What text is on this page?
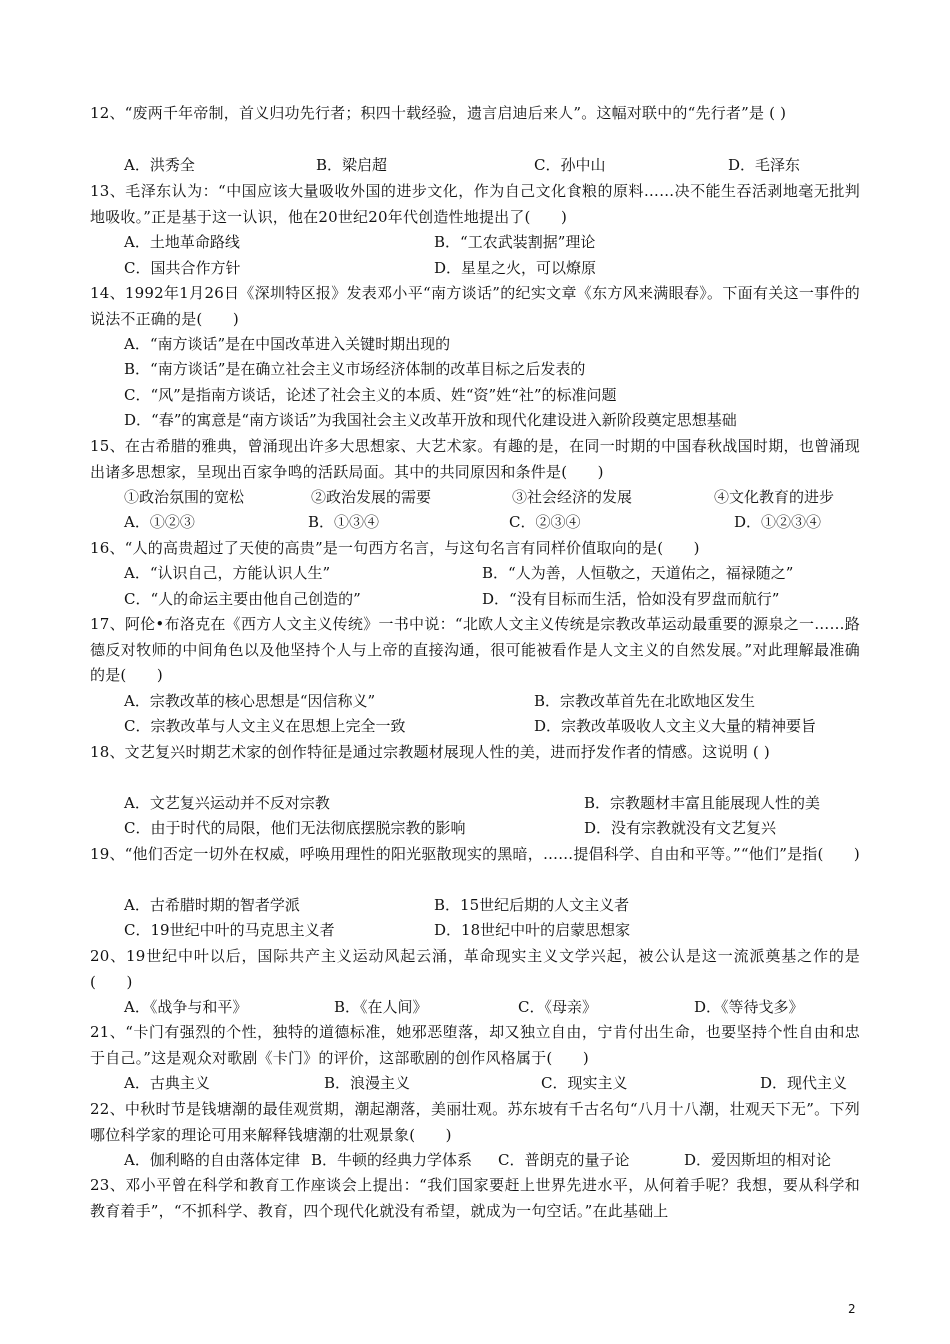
12、“废两千年帝制，首义归功先行者；积四十载经验，遗言启迪后来人”。这幅对联中的“先行者”是 ( )
A．洪秀全	B．梁启超	C．孙中山	D．毛泽东
13、毛泽东认为：“中国应该大量吸收外国的进步文化，作为自己文化食粮的原料……决不能生吞活剥地毫无批判地吸收。”正是基于这一认识，他在20世纪20年代创造性地提出了(　　)
A．土地革命路线	B．“工农武装割据”理论
C．国共合作方针	D．星星之火，可以燎原
14、1992年1月26日《深圳特区报》发表邓小平“南方谈话”的纪实文章《东方风来满眼春》。下面有关这一事件的说法不正确的是(　　)
A．“南方谈话”是在中国改革进入关键时期出现的
B．“南方谈话”是在确立社会主义市场经济体制的改革目标之后发表的
C．“风”是指南方谈话，论述了社会主义的本质、姓“资”姓“社”的标准问题
D．“春”的寓意是“南方谈话”为我国社会主义改革开放和现代化建设进入新阶段奠定思想基础
15、在古希腊的雅典，曾涌现出许多大思想家、大艺术家。有趣的是，在同一时期的中国春秋战国时期，也曾涌现出诸多思想家，呈现出百家争鸣的活跃局面。其中的共同原因和条件是(　　)
①政治氛围的宽松	②政治发展的需要	③社会经济的发展	④文化教育的进步
A．①②③	B．①③④	C．②③④	D．①②③④
16、“人的高贵超过了天使的高贵”是一句西方名言，与这句名言有同样价值取向的是(　　)
A．“认识自己，方能认识人生”	B．“人为善，人恒敬之，天道佑之，福禄随之”
C．“人的命运主要由他自己创造的”	D．“没有目标而生活，恰如没有罗盘而航行”
17、阿伦•布洛克在《西方人文主义传统》一书中说：“北欧人文主义传统是宗教改革运动最重要的源泉之一……路德反对牧师的中间角色以及他坚持个人与上帝的直接沟通，很可能被看作是人文主义的自然发展。”对此理解最准确的是(　　)
A．宗教改革的核心思想是“因信称义”	B．宗教改革首先在北欧地区发生
C．宗教改革与人文主义在思想上完全一致	D．宗教改革吸收人文主义大量的精神要旨
18、文艺复兴时期艺术家的创作特征是通过宗教题材展现人性的美，进而抒发作者的情感。这说明 ( )
A．文艺复兴运动并不反对宗教	B．宗教题材丰富且能展现人性的美
C．由于时代的局限，他们无法彻底摆脱宗教的影响	D．没有宗教就没有文艺复兴
19、“他们否定一切外在权威，呼唤用理性的阳光驱散现实的黑暗，……提倡科学、自由和平等。”“他们”是指(　　)
A．古希腊时期的智者学派	B．15世纪后期的人文主义者
C．19世纪中叶的马克思主义者	D．18世纪中叶的启蒙思想家
20、19世纪中叶以后，国际共产主义运动风起云涌，革命现实主义文学兴起，被公认是这一流派奠基之作的是(　　)
A．《战争与和平》	B．《在人间》	C．《母亲》	D．《等待戈多》
21、“卡门有强烈的个性，独特的道德标准，她邪恶堕落，却又独立自由，宁肯付出生命，也要坚持个性自由和忠于自己。”这是观众对歌剧《卡门》的评价，这部歌剧的创作风格属于(　　)
A．古典主义	B．浪漫主义	C．现实主义	D．现代主义
22、中秋时节是钱塘潮的最佳观赏期，潮起潮落，美丽壮观。苏东坡有千古名句“八月十八潮，壮观天下无”。下列哪位科学家的理论可用来解释钱塘潮的壮观景象(　　)
A．伽利略的自由落体定律 B．牛顿的经典力学体系 C．普朗克的量子论	D．爱因斯坦的相对论
23、邓小平曾在科学和教育工作座谈会上提出：“我们国家要赶上世界先进水平，从何着手呢？我想，要从科学和教育着手”，“不抓科学、教育，四个现代化就没有希望，就成为一句空话。”在此基础上
2
